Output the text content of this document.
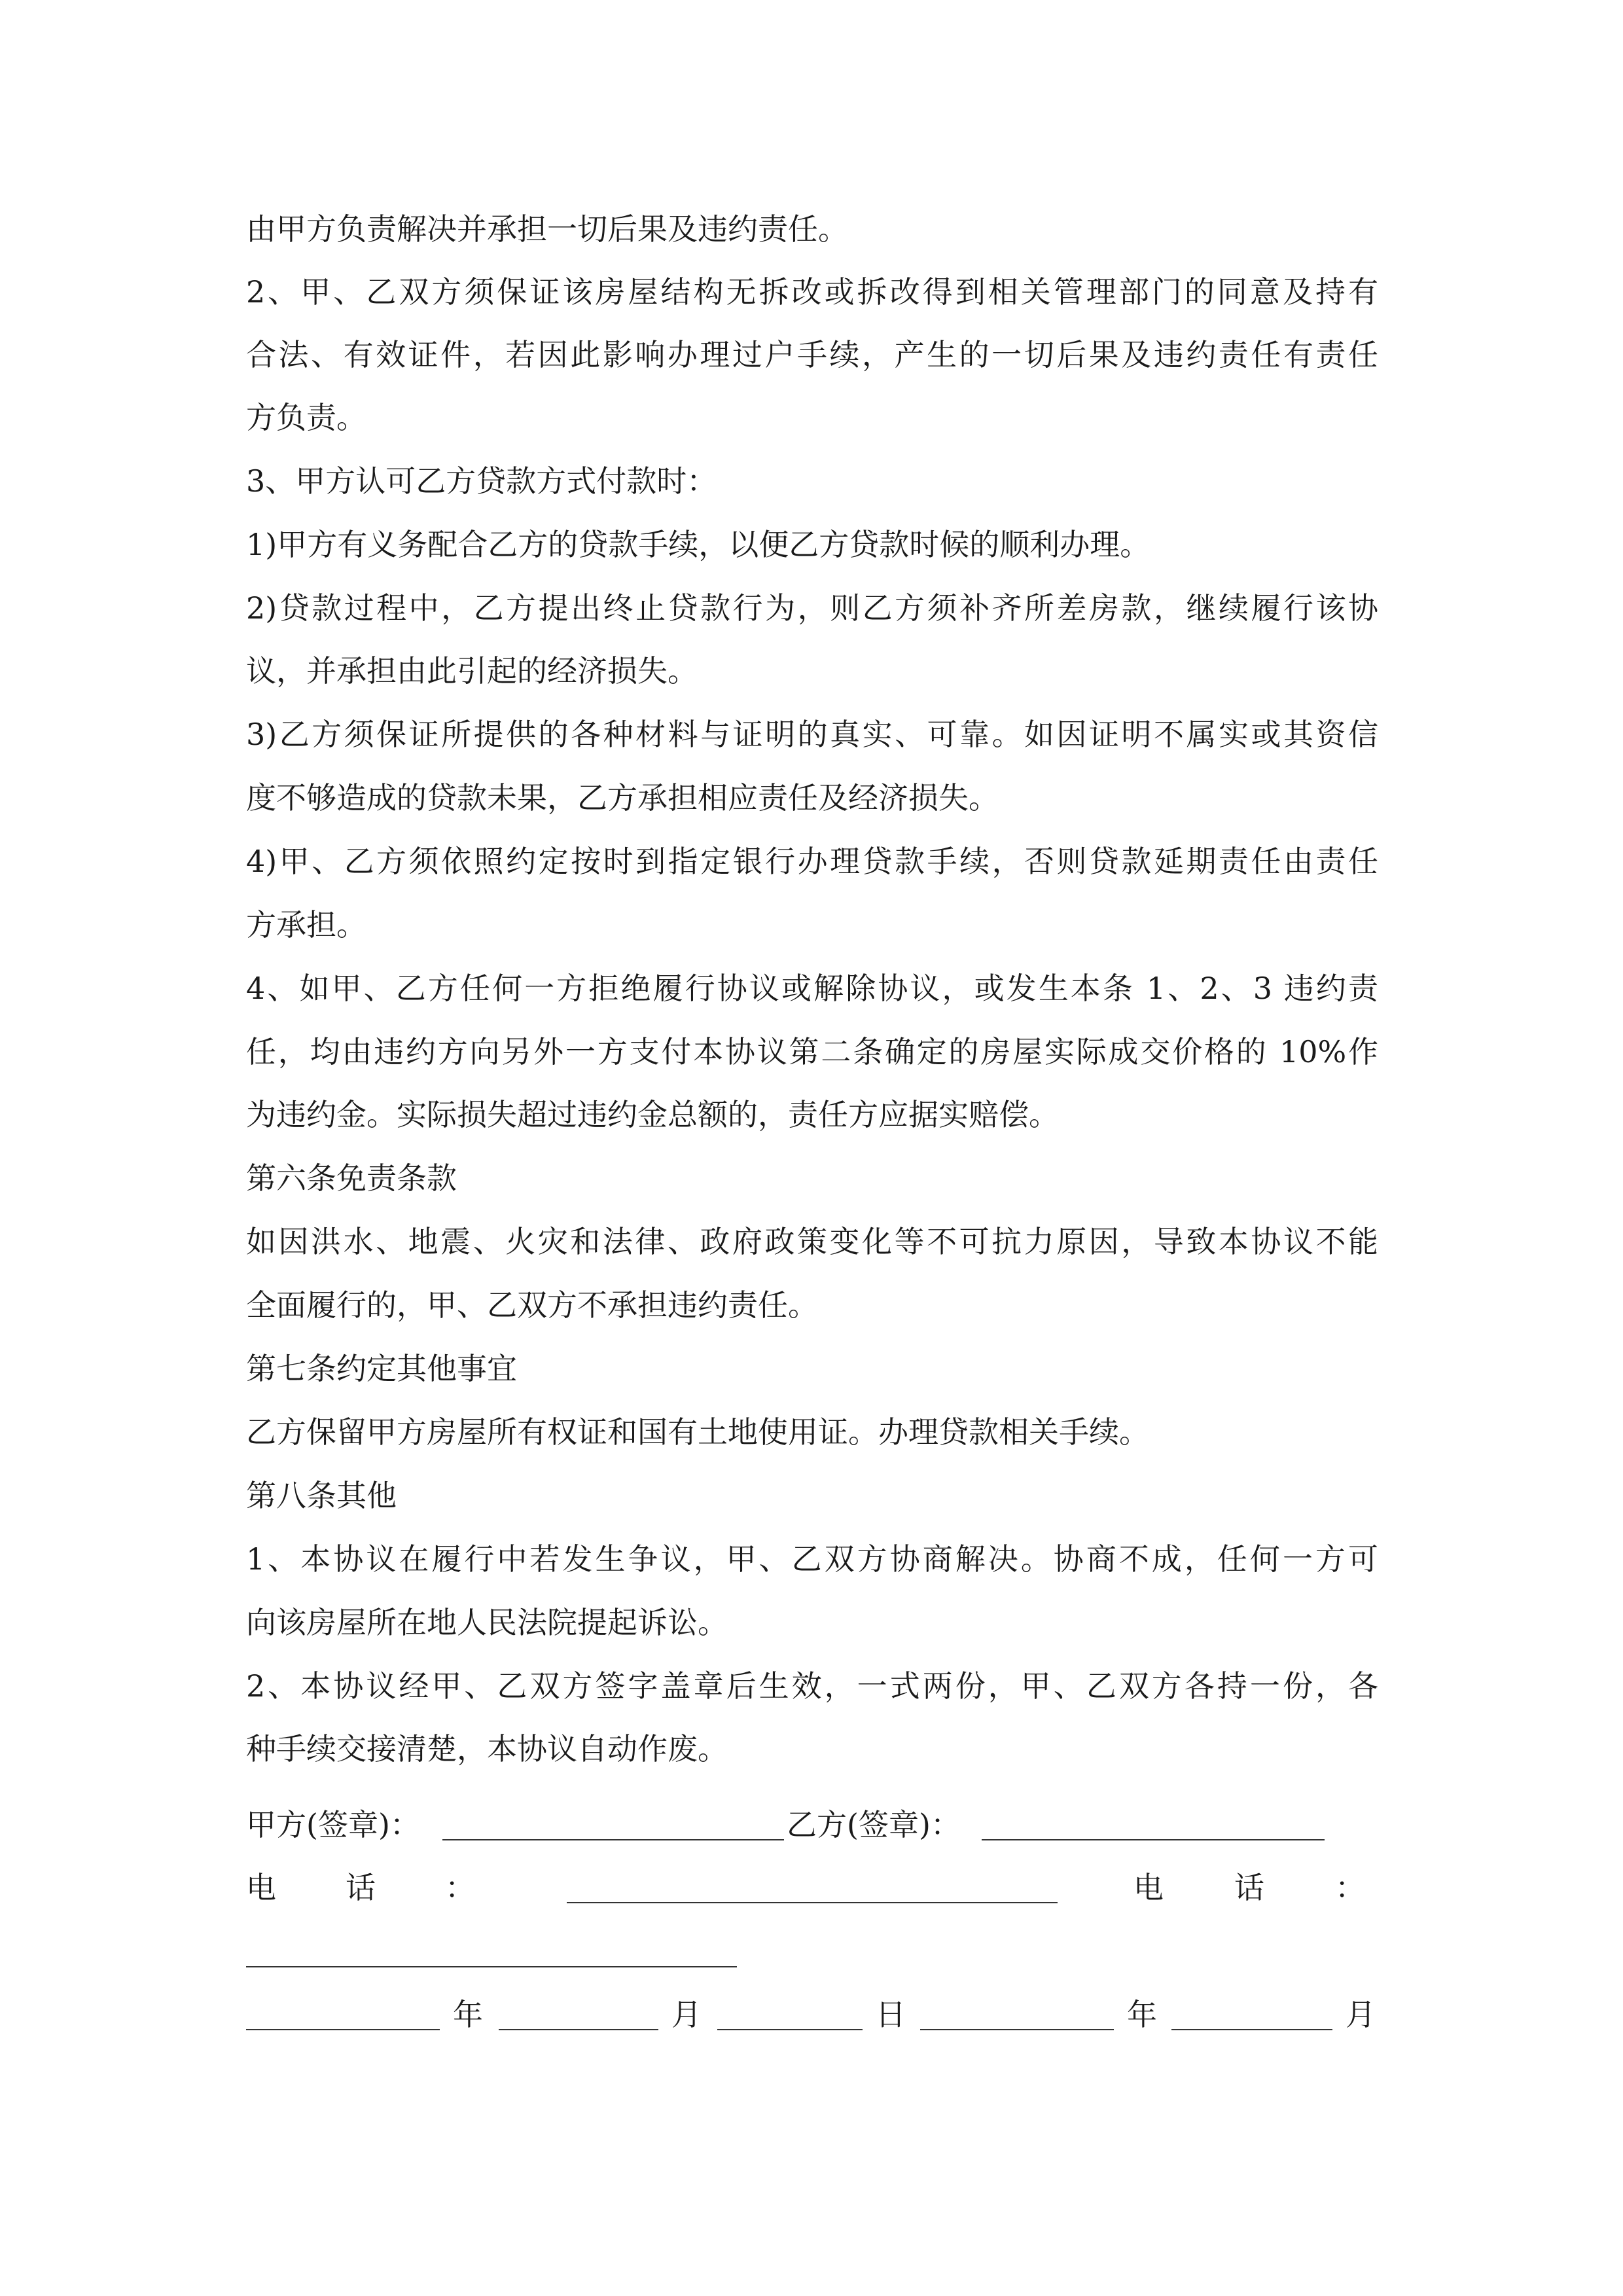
由甲方负责解决并承担一切后果及违约责任。
2、甲、乙双方须保证该房屋结构无拆改或拆改得到相关管理部门的同意及持有
合法、有效证件，若因此影响办理过户手续，产生的一切后果及违约责任有责任
方负责。
3、甲方认可乙方贷款方式付款时：
1)甲方有义务配合乙方的贷款手续，以便乙方贷款时候的顺利办理。
2)贷款过程中，乙方提出终止贷款行为，则乙方须补齐所差房款，继续履行该协
议，并承担由此引起的经济损失。
3)乙方须保证所提供的各种材料与证明的真实、可靠。如因证明不属实或其资信
度不够造成的贷款未果，乙方承担相应责任及经济损失。
4)甲、乙方须依照约定按时到指定银行办理贷款手续，否则贷款延期责任由责任
方承担。
4、如甲、乙方任何一方拒绝履行协议或解除协议，或发生本条 1、2、3 违约责
任，均由违约方向另外一方支付本协议第二条确定的房屋实际成交价格的 10%作
为违约金。实际损失超过违约金总额的，责任方应据实赔偿。
第六条免责条款
如因洪水、地震、火灾和法律、政府政策变化等不可抗力原因，导致本协议不能
全面履行的，甲、乙双方不承担违约责任。
第七条约定其他事宜
乙方保留甲方房屋所有权证和国有土地使用证。办理贷款相关手续。
第八条其他
1、本协议在履行中若发生争议，甲、乙双方协商解决。协商不成，任何一方可
向该房屋所在地人民法院提起诉讼。
2、本协议经甲、乙双方签字盖章后生效，一式两份，甲、乙双方各持一份，各
种手续交接清楚，本协议自动作废。
甲方(签章)：	乙方(签章)：
电话：	电话：
年	月	日	年	月
